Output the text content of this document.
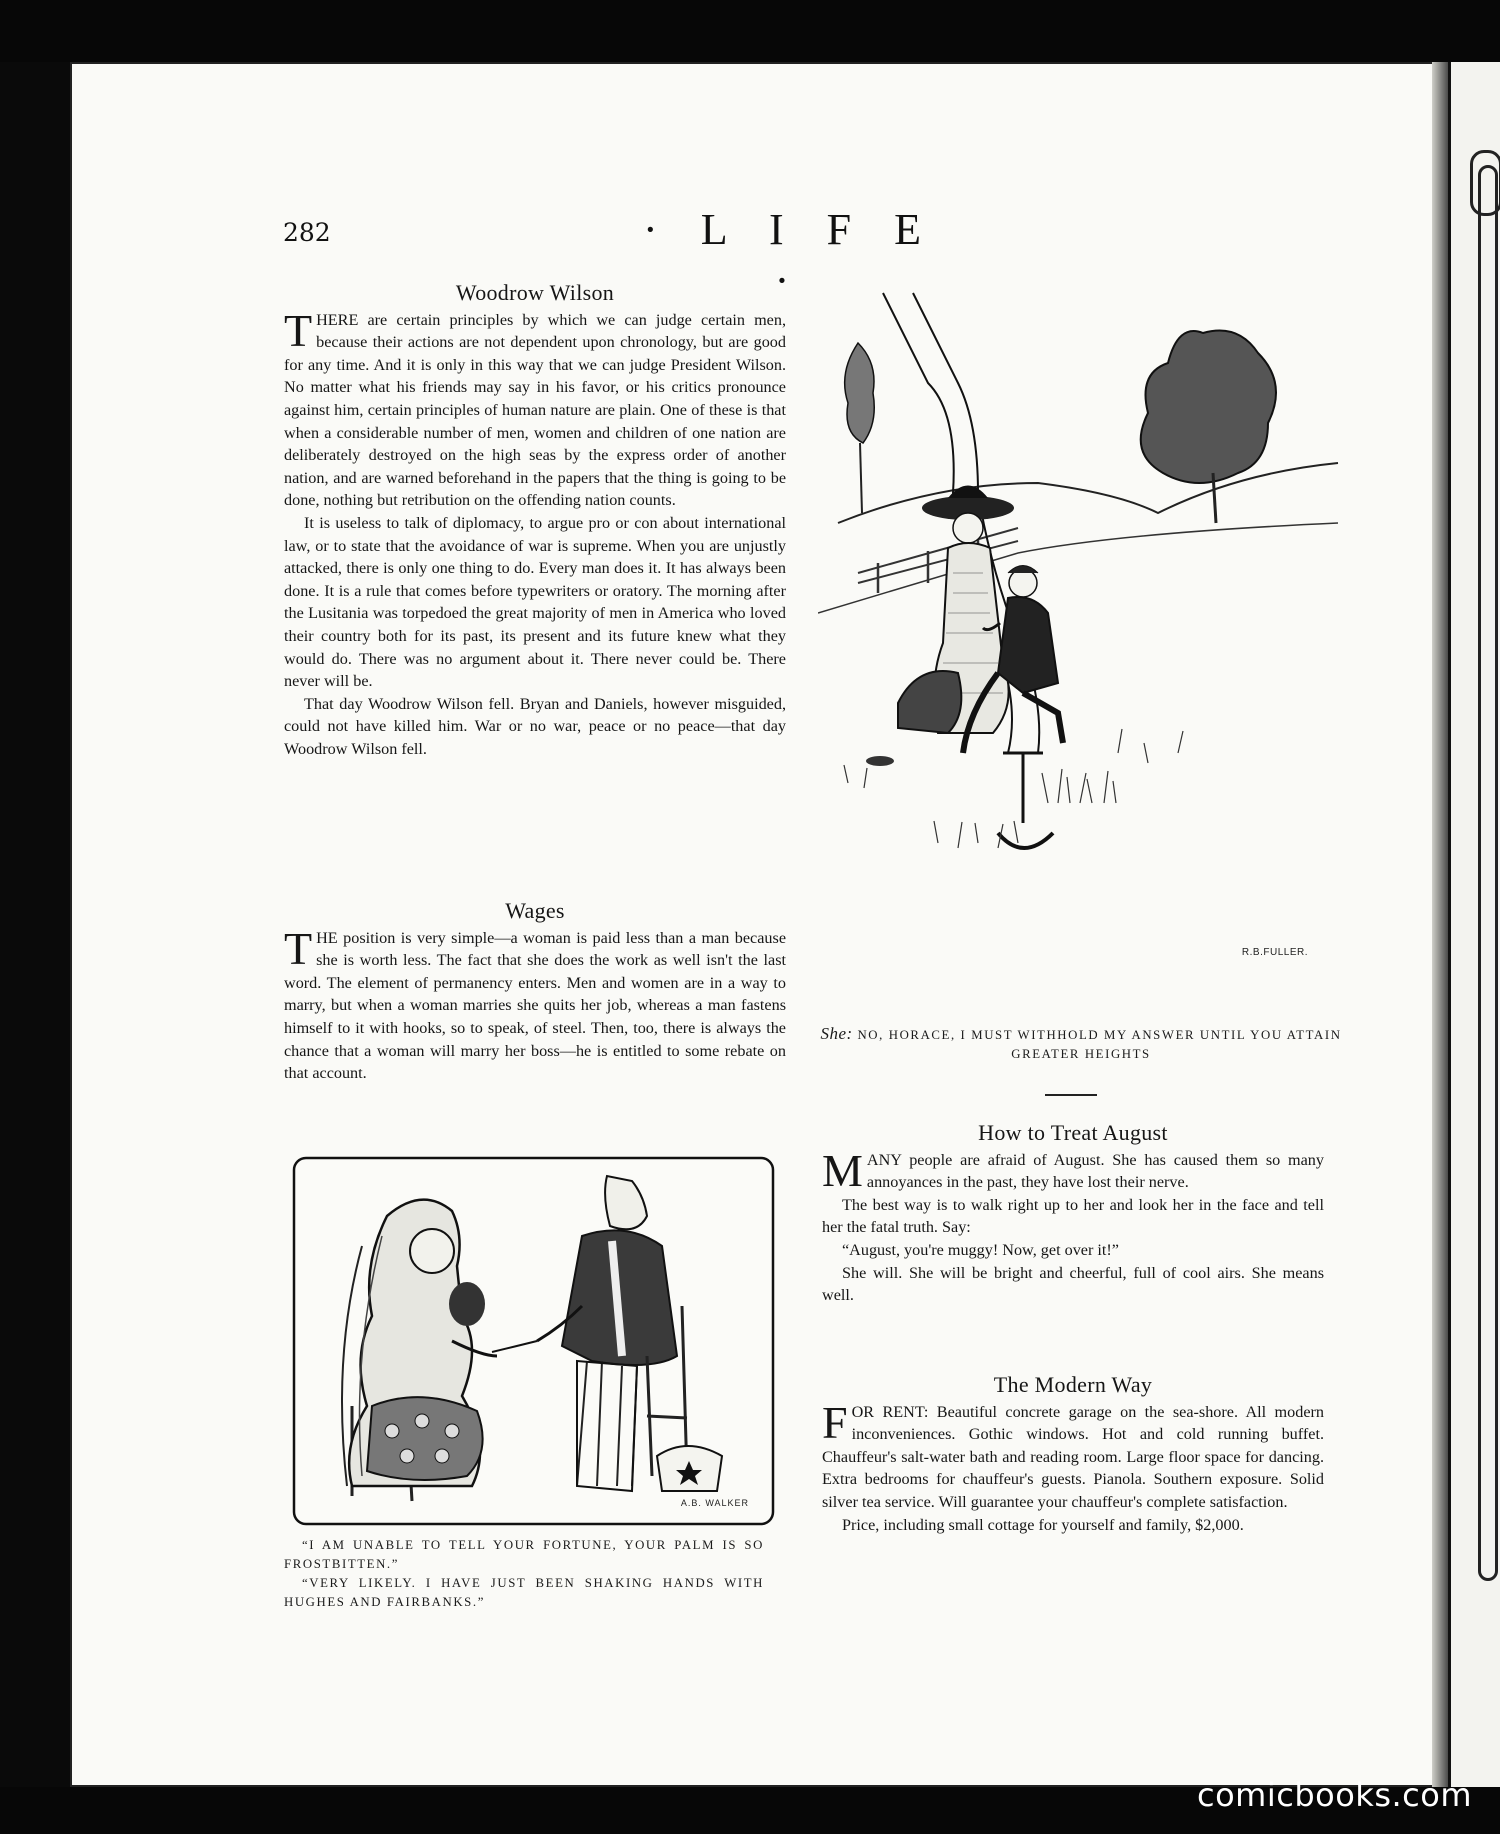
282	· L I F E ·
Woodrow Wilson

THERE are certain principles by which we can judge certain men, because their actions are not dependent upon chronology, but are good for any time. And it is only in this way that we can judge President Wilson. No matter what his friends may say in his favor, or his critics pronounce against him, certain principles of human nature are plain. One of these is that when a considerable number of men, women and children of one nation are deliberately destroyed on the high seas by the express order of another nation, and are warned beforehand in the papers that the thing is going to be done, nothing but retribution on the offending nation counts.

It is useless to talk of diplomacy, to argue pro or con about international law, or to state that the avoidance of war is supreme. When you are unjustly attacked, there is only one thing to do. Every man does it. It has always been done. It is a rule that comes before typewriters or oratory. The morning after the Lusitania was torpedoed the great majority of men in America who loved their country both for its past, its present and its future knew what they would do. There was no argument about it. There never could be. There never will be.

That day Woodrow Wilson fell. Bryan and Daniels, however misguided, could not have killed him. War or no war, peace or no peace—that day Woodrow Wilson fell.

Wages

THE position is very simple—a woman is paid less than a man because she is worth less. The fact that she does the work as well isn't the last word. The element of permanency enters. Men and women are in a way to marry, but when a woman marries she quits her job, whereas a man fastens himself to it with hooks, so to speak, of steel. Then, too, there is always the chance that a woman will marry her boss—he is entitled to some rebate on that account.

A.B. WALKER
“I AM UNABLE TO TELL YOUR FORTUNE, YOUR PALM IS SO FROSTBITTEN.”
“VERY LIKELY. I HAVE JUST BEEN SHAKING HANDS WITH HUGHES AND FAIRBANKS.”
R.B.FULLER.
She: NO, HORACE, I MUST WITHHOLD MY ANSWER UNTIL YOU ATTAIN GREATER HEIGHTS
How to Treat August

MANY people are afraid of August. She has caused them so many annoyances in the past, they have lost their nerve.

The best way is to walk right up to her and look her in the face and tell her the fatal truth. Say:

“August, you're muggy! Now, get over it!”

She will. She will be bright and cheerful, full of cool airs. She means well.

The Modern Way

FOR RENT: Beautiful concrete garage on the sea-shore. All modern inconveniences. Gothic windows. Hot and cold running buffet. Chauffeur's salt-water bath and reading room. Large floor space for dancing. Extra bedrooms for chauffeur's guests. Pianola. Southern exposure. Solid silver tea service. Will guarantee your chauffeur's complete satisfaction.

Price, including small cottage for yourself and family, $2,000.

comicbooks.com
